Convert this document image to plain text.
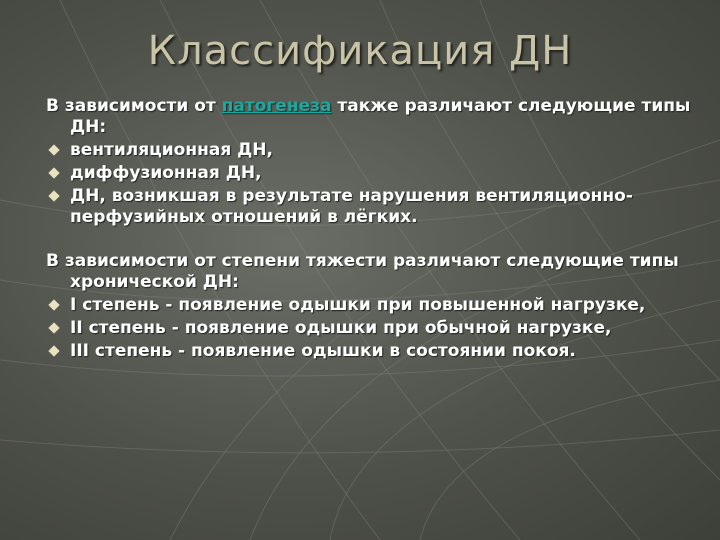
Классификация ДН

В зависимости от патогенеза также различают следующие типы ДН:

вентиляционная ДН,
диффузионная ДН,
ДН, возникшая в результате нарушения вентиляционно-перфузийных отношений в лёгких.

В зависимости от степени тяжести различают следующие типы хронической ДН:

I степень - появление одышки при повышенной нагрузке,
II степень - появление одышки при обычной нагрузке,
III степень - появление одышки в состоянии покоя.
